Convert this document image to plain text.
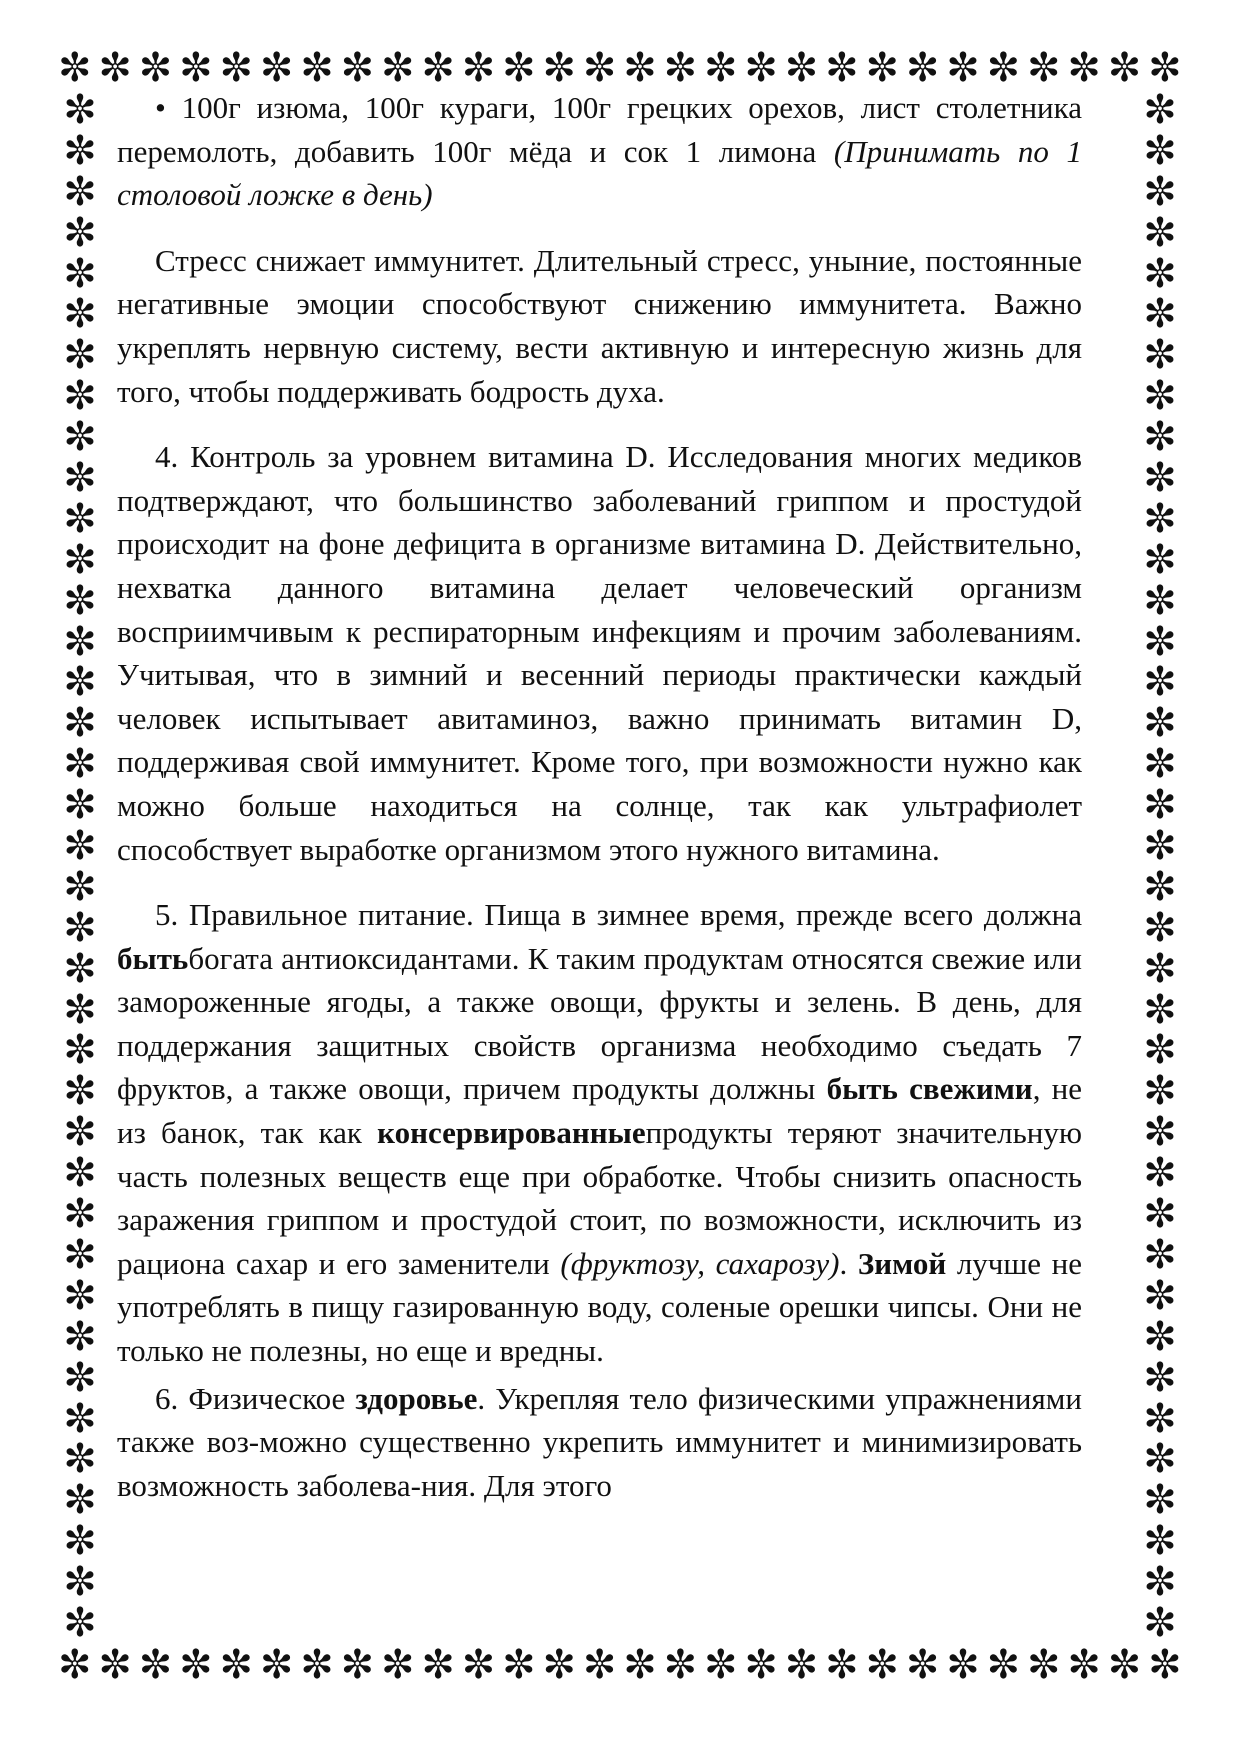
✼ ✼ ✼ ✼ ✼ ✼ ✼ ✼ ✼ ✼ ✼ ✼ ✼ ✼ ✼ ✼ ✼ ✼ ✼ ✼ ✼ ✼ ✼ ✼ ✼ ✼ ✼ ✼
✼ ✼ ✼ ✼ ✼ ✼ ✼ ✼ ✼ ✼ ✼ ✼ ✼ ✼ ✼ ✼ ✼ ✼ ✼ ✼ ✼ ✼ ✼ ✼ ✼ ✼ ✼ ✼
✼
✼
✼
✼
✼
✼
✼
✼
✼
✼
✼
✼
✼
✼
✼
✼
✼
✼
✼
✼
✼
✼
✼
✼
✼
✼
✼
✼
✼
✼
✼
✼
✼
✼
✼
✼
✼
✼
✼
✼
✼
✼
✼
✼
✼
✼
✼
✼
✼
✼
✼
✼
✼
✼
✼
✼
✼
✼
✼
✼
✼
✼
✼
✼
✼
✼
✼
✼
✼
✼
✼
✼
✼
✼
✼
✼

• 100г изюма, 100г кураги, 100г грецких орехов, лист столетника перемолоть, добавить 100г мёда и сок 1 лимона (Принимать по 1 столовой ложке в день)

Стресс снижает иммунитет. Длительный стресс, уныние, постоянные негативные эмоции способствуют снижению иммунитета. Важно укреплять нервную систему, вести активную и интересную жизнь для того, чтобы поддерживать бодрость духа.

4. Контроль за уровнем витамина D. Исследования многих медиков подтверждают, что большинство заболеваний гриппом и простудой происходит на фоне дефицита в организме витамина D. Действительно, нехватка данного витамина делает человеческий организм восприимчивым к респираторным инфекциям и прочим заболеваниям. Учитывая, что в зимний и весенний периоды практически каждый человек испытывает авитаминоз, важно принимать витамин D, поддерживая свой иммунитет. Кроме того, при возможности нужно как можно больше находиться на солнце, так как ультрафиолет способствует выработке организмом этого нужного витамина.

5. Правильное питание. Пища в зимнее время, прежде всего должна бытьбогата антиоксидантами. К таким продуктам относятся свежие или замороженные ягоды, а также овощи, фрукты и зелень. В день, для поддержания защитных свойств организма необходимо съедать 7 фруктов, а также овощи, причем продукты должны быть свежими, не из банок, так как консервированныепродукты теряют значительную часть полезных веществ еще при обработке. Чтобы снизить опасность заражения гриппом и простудой стоит, по возможности, исключить из рациона сахар и его заменители (фруктозу, сахарозу). Зимой лучше не употреблять в пищу газированную воду, соленые орешки чипсы. Они не только не полезны, но еще и вредны.

6. Физическое здоровье. Укрепляя тело физическими упражнениями также воз-можно существенно укрепить иммунитет и минимизировать возможность заболева-ния. Для этого
